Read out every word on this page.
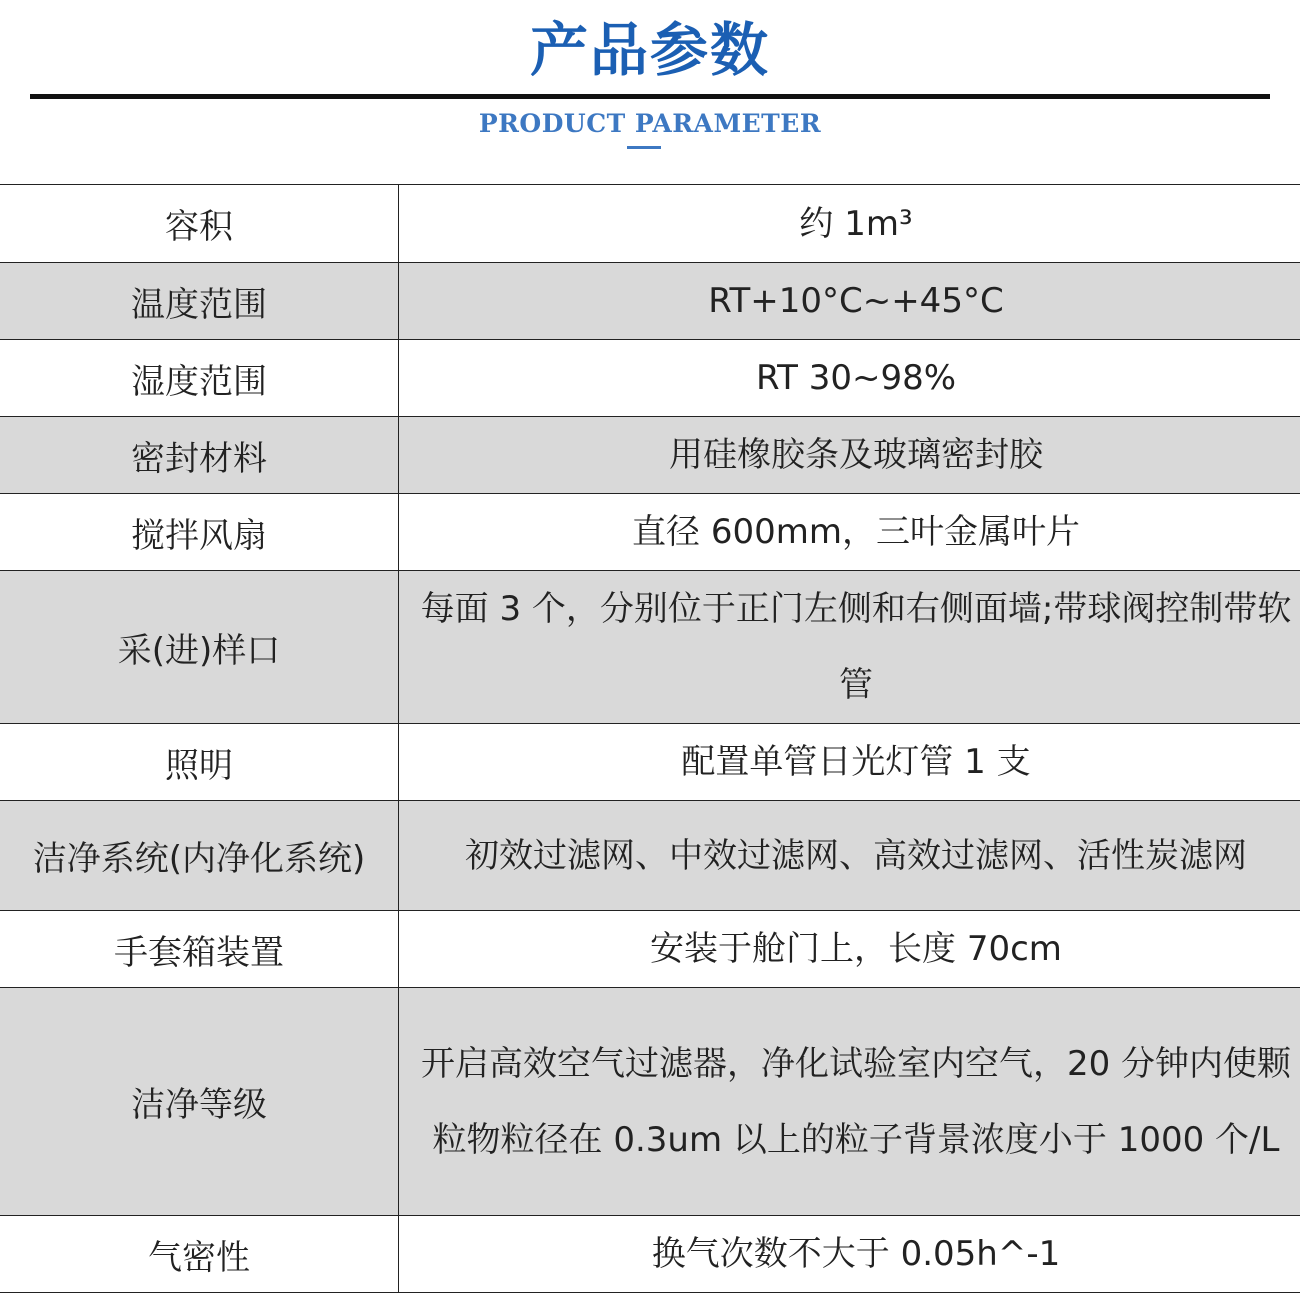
产品参数
PRODUCT PARAMETER
容积	约 1m³

温度范围	RT+10°C~+45°C

湿度范围	RT 30~98%

密封材料	用硅橡胶条及玻璃密封胶

搅拌风扇	直径 600mm，三叶金属叶片

采(进)样口	每面 3 个，分别位于正门左侧和右侧面墙;带球阀控制带软管

照明	配置单管日光灯管 1 支

洁净系统(内净化系统)	初效过滤网、中效过滤网、高效过滤网、活性炭滤网

手套箱装置	安装于舱门上，长度 70cm

洁净等级	开启高效空气过滤器，净化试验室内空气，20 分钟内使颗粒物粒径在 0.3um 以上的粒子背景浓度小于 1000 个/L

气密性	换气次数不大于 0.05h^-1
